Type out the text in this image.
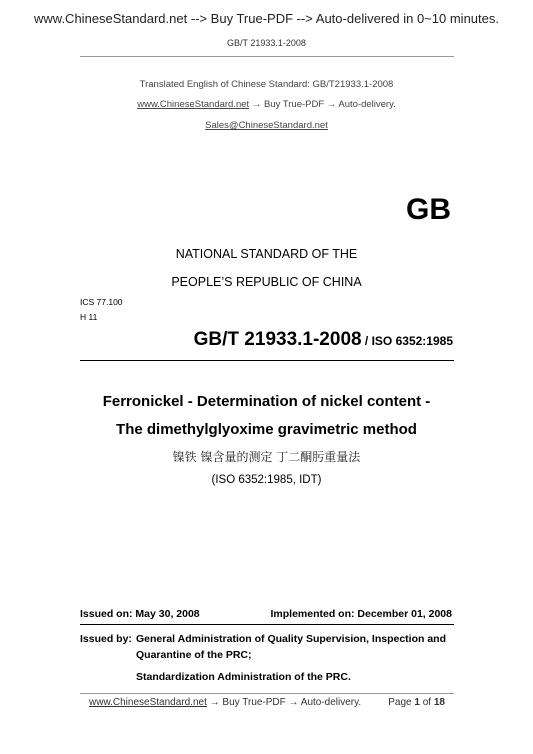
www.ChineseStandard.net --> Buy True-PDF --> Auto-delivered in 0~10 minutes.
GB/T 21933.1-2008
Translated English of Chinese Standard: GB/T21933.1-2008
www.ChineseStandard.net → Buy True-PDF → Auto-delivery.
Sales@ChineseStandard.net
GB
NATIONAL STANDARD OF THE
PEOPLE’S REPUBLIC OF CHINA
ICS 77.100
H 11
GB/T 21933.1-2008 / ISO 6352:1985
Ferronickel - Determination of nickel content -
The dimethylglyoxime gravimetric method
镍铁 镍含量的测定 丁二酮肟重量法
(ISO 6352:1985, IDT)
Issued on: May 30, 2008	Implemented on: December 01, 2008
Issued by: General Administration of Quality Supervision, Inspection and
Quarantine of the PRC;
Standardization Administration of the PRC.
www.ChineseStandard.net → Buy True-PDF → Auto-delivery.	Page 1 of 18
